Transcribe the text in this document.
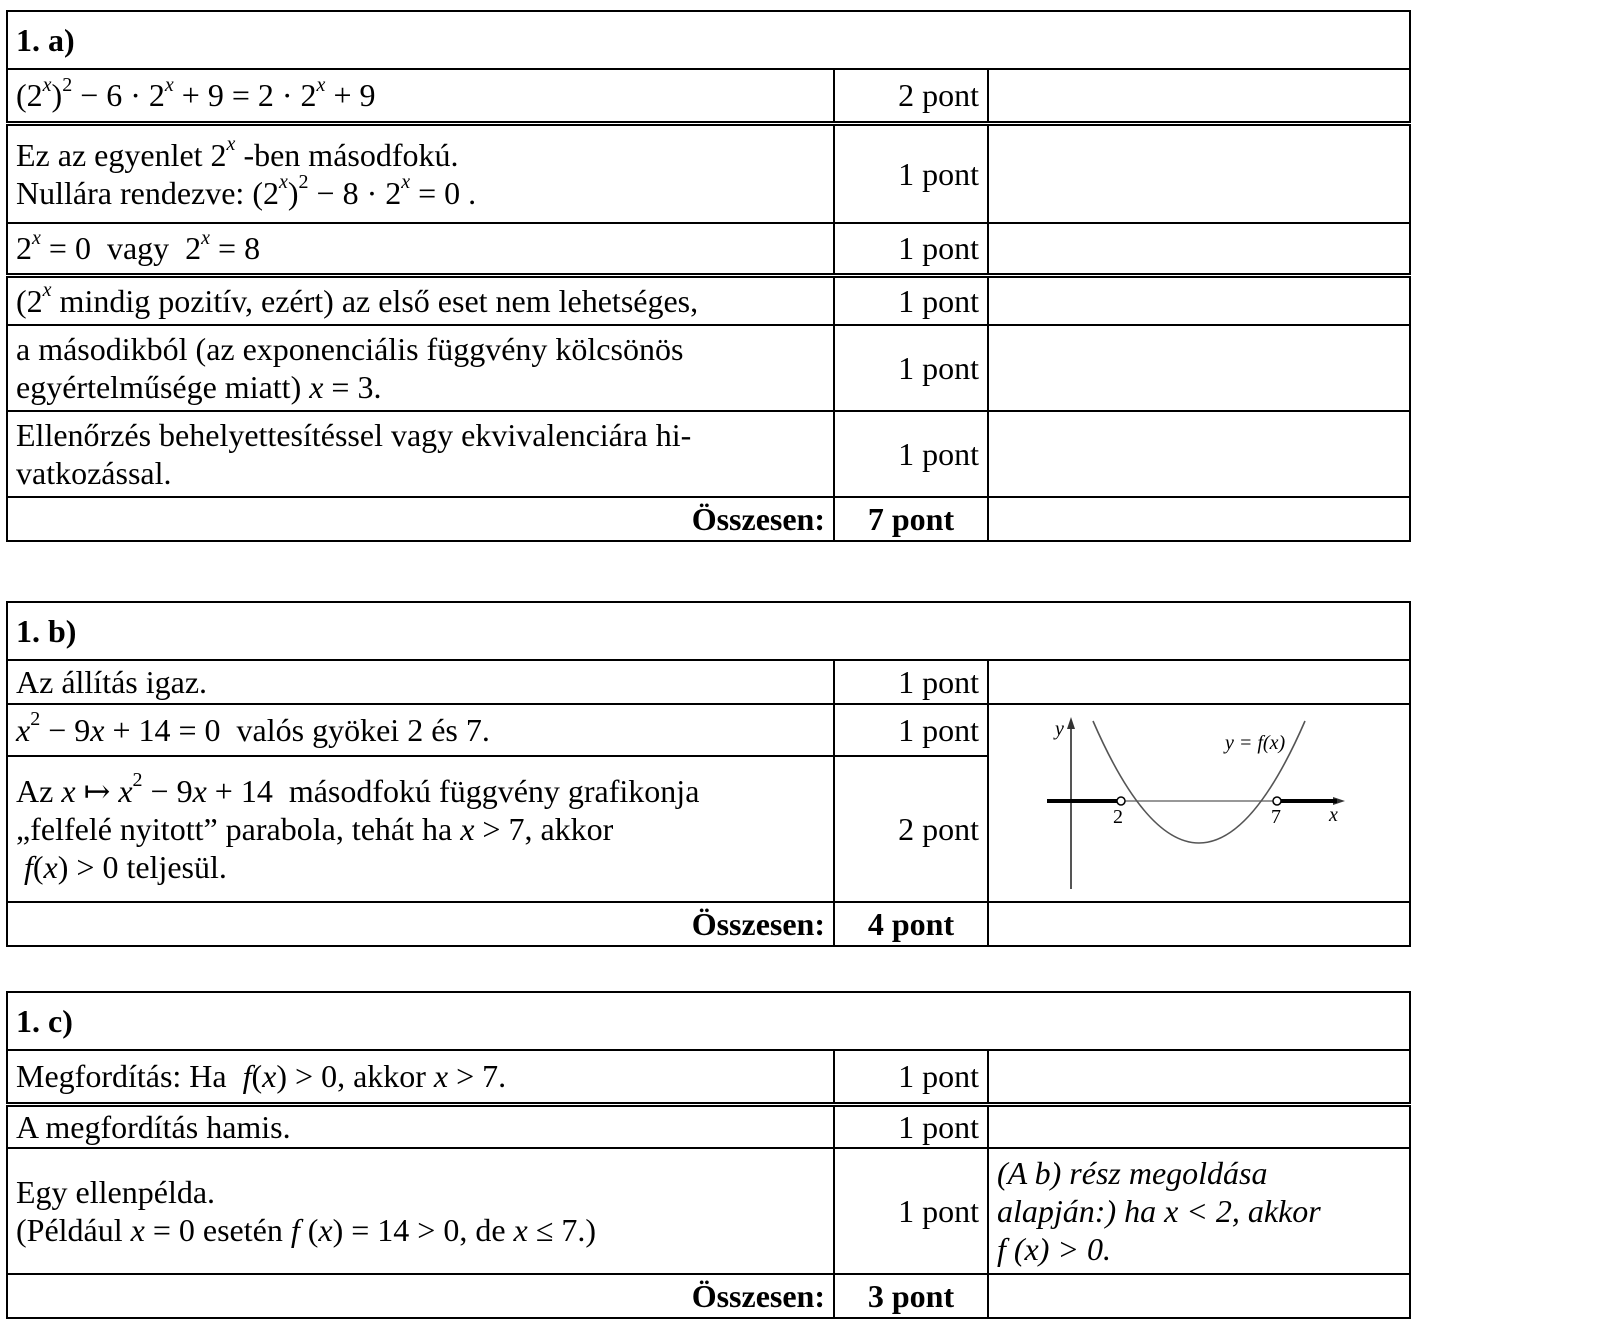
1. a)		
$(2^x)^2 - 6 \cdot 2^x + 9 = 2 \cdot 2^x + 9$	2 pont	
Ez az egyenlet 2$^x$ -ben másodfokú.
Nullára rendezve: $(2^x)^2 - 8 \cdot 2^x = 0$ .	1 pont	
$2^x = 0$  vagy  $2^x = 8$	1 pont	
(2$^x$ mindig pozitív, ezért) az első eset nem lehetséges,	1 pont	
a másodikból (az exponenciális függvény kölcsönös
egyértelműsége miatt) x = 3.	1 pont	
Ellenőrzés behelyettesítéssel vagy ekvivalenciára hi-
vatkozással.	1 pont	
Összesen:	7 pont	
1. b)		
Az állítás igaz.	1 pont	
$x^2 - 9x + 14 = 0$  valós gyökei 2 és 7.	1 pont	y
x
y = f(x)
2 7

Az x ↦ $x^2 - 9x + 14$  másodfokú függvény grafikonja
„felfelé nyitott” parabola, tehát ha x > 7, akkor
f(x) > 0 teljesül.	2 pont	
Összesen:	4 pont	
1. c)		
Megfordítás: Ha f(x) > 0, akkor x > 7.	1 pont	
A megfordítás hamis.	1 pont	
Egy ellenpélda.
(Például x = 0 esetén f (x) = 14 > 0, de x ≤ 7.)	1 pont	(A b) rész megoldása
alapján:) ha x < 2, akkor
f (x) > 0.
Összesen:	3 pont	
